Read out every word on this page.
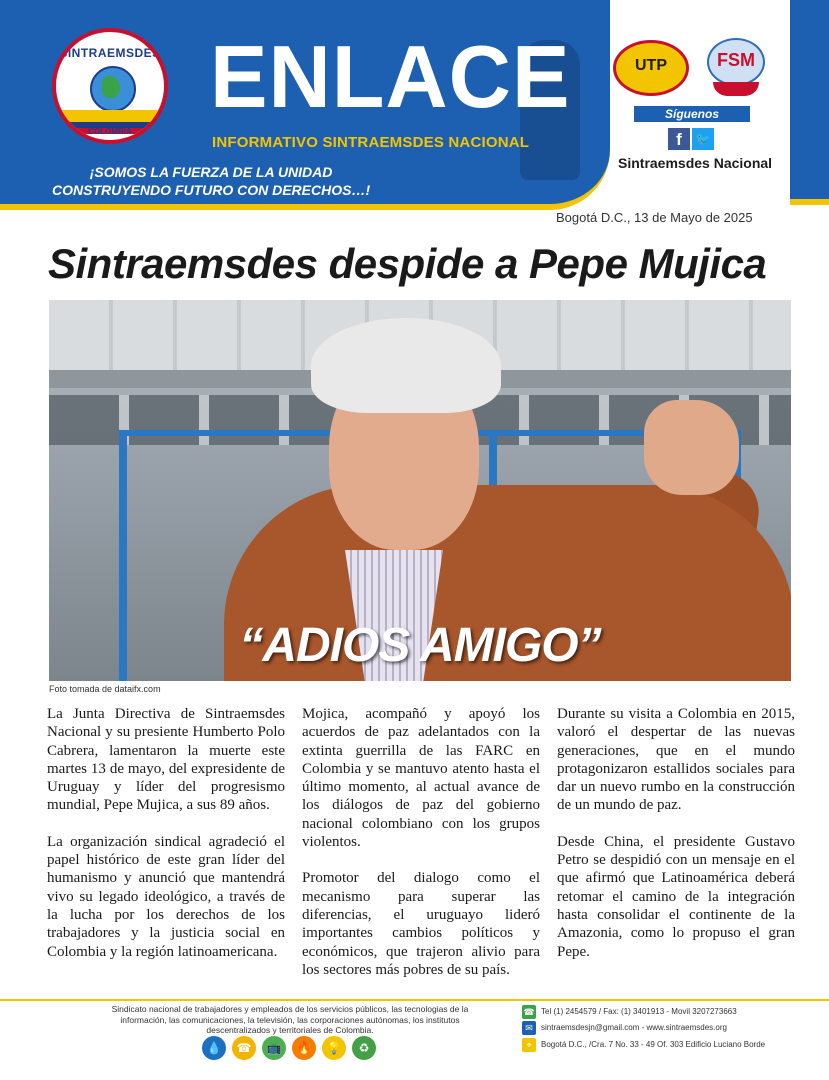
SINTRAEMSDES
COLOMBIA
ENLACE
INFORMATIVO SINTRAEMSDES NACIONAL
¡SOMOS LA FUERZA DE LA UNIDAD
CONSTRUYENDO FUTURO CON DERECHOS…!
UTP	FSM
Síguenos
f	🐦
Sintraemsdes Nacional
Bogotá D.C., 13 de Mayo de 2025
Sintraemsdes despide a Pepe Mujica
“ADIOS AMIGO”
Foto tomada de dataifx.com

La Junta Directiva de Sintraemsdes Nacional y su presiente Humberto Polo Cabrera, lamentaron la muerte este martes 13 de mayo, del expresidente de Uruguay y líder del progresismo mundial, Pepe Mujica, a sus 89 años.

La organización sindical agradeció el papel histórico de este gran líder del humanismo y anunció que mantendrá vivo su legado ideológico, a través de la lucha por los derechos de los trabajadores y la justicia social en Colombia y la región latinoamericana.

Mojica, acompañó y apoyó los acuerdos de paz adelantados con la extinta guerrilla de las FARC en Colombia y se mantuvo atento hasta el último momento, al actual avance de los diálogos de paz del gobierno nacional colombiano con los grupos violentos.

Promotor del dialogo como el mecanismo para superar las diferencias, el uruguayo lideró importantes cambios políticos y económicos, que trajeron alivio para los sectores más pobres de su país.

Durante su visita a Colombia en 2015, valoró el despertar de las nuevas generaciones, que en el mundo protagonizaron estallidos sociales para dar un nuevo rumbo en la construcción de un mundo de paz.

Desde China, el presidente Gustavo Petro se despidió con un mensaje en el que afirmó que Latinoamérica deberá retomar el camino de la integración hasta consolidar el continente de la Amazonia, como lo propuso el gran Pepe.

Sindicato nacional de trabajadores y empleados de los servicios públicos, las tecnologias de la información, las comunicaciones, la televisión, las corporaciones autónomas, los institutos descentralizados y territoriales de Colombia.
💧	☎	📺	🔥	💡	♻
☎ Tel (1) 2454579 / Fax: (1) 3401913 - Movil 3207273663
✉ sintraemsdesjn@gmail.com - www.sintraemsdes.org
⌖ Bogotá D.C., /Cra. 7 No. 33 - 49 Of. 303 Edificio Luciano Borde
